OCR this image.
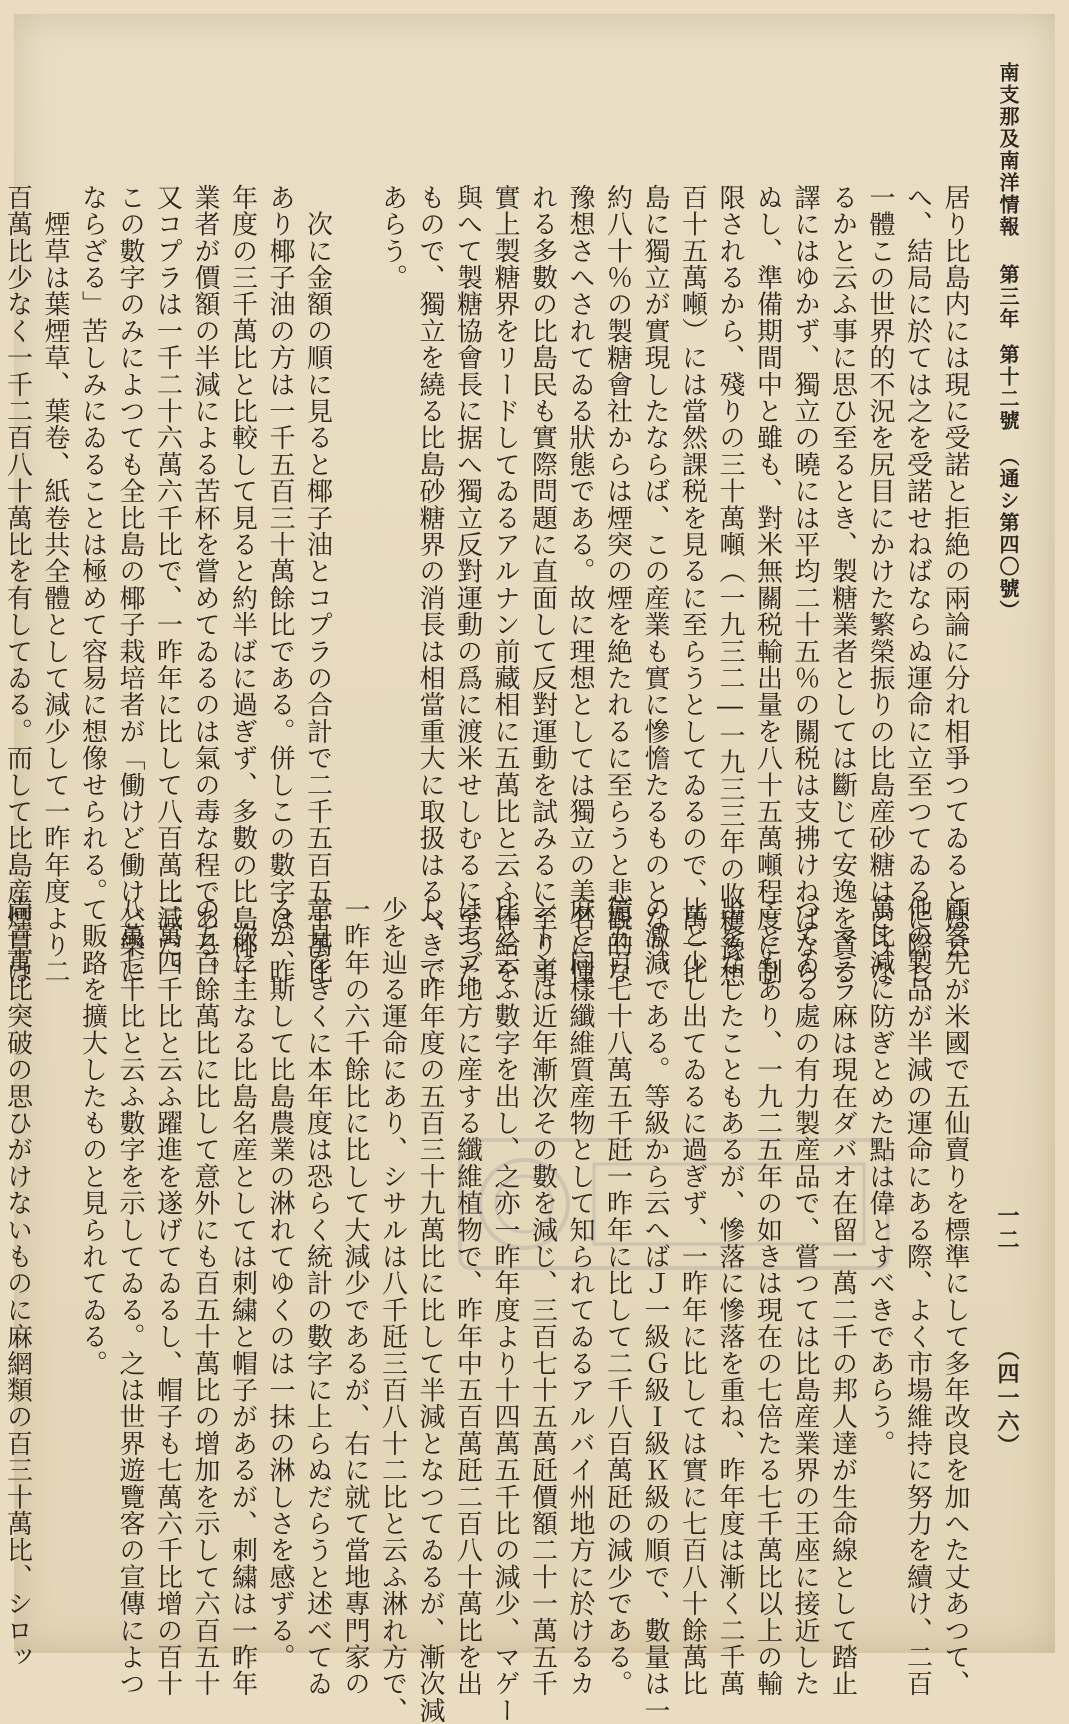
南支那及南洋情報
第三年
第十二號
（通シ第四〇號）

居り比島内には現に受諾と拒絶の兩論に分れ相爭つてゐるとは云

へ、結局に於ては之を受諾せねばならぬ運命に立至つてゐるに際し、

一體この世界的不況を尻目にかけた繁榮振りの比島産砂糖はどうな

るかと云ふ事に思ひ至るとき、製糖業者としては斷じて安逸を貪る

譯にはゆかず、獨立の曉には平均二十五％の關税は支拂けねばなら

ぬし、準備期間中と雖も、對米無關税輸出量を八十五萬噸程度に制

限されるから、殘りの三十萬噸（一九三二―一九三三年の收穫豫想

百十五萬噸）には當然課税を見るに至らうとしてゐるので、萬一比

島に獨立が實現したならば、この産業も實に慘憺たるものとなり、

約八十％の製糖會社からは煙突の煙を絶たれるに至らうと悲觀的な

豫想さへされてゐる狀態である。故に理想としては獨立の美名に憧

れる多數の比島民も實際問題に直面して反對運動を試みるに至り事

實上製糖界をリードしてゐるアルナン前藏相に五萬比と云ふ俸給を

與へて製糖協會長に据へ獨立反對運動の爲に渡米せしむるに至つた

もので、獨立を繞る比島砂糖界の消長は相當重大に取扱はるべきで

あらう。

　次に金額の順に見ると椰子油とコプラの合計で二千五百五十萬比

あり椰子油の方は一千五百三十萬餘比である。併しこの數字は一昨

年度の三千萬比と比較して見ると約半ばに過ぎず、多數の比島椰子

業者が價額の半減による苦杯を嘗めてゐるのは氣の毒な程である。

又コプラは一千二十六萬六千比で、一昨年に比して八百萬比減だ。

この數字のみによつても全比島の椰子栽培者が「働けど働けど樂に

ならざる」苦しみにゐることは極めて容易に想像せられる。

　煙草は葉煙草、葉卷、紙卷共全體として減少して一昨年度より二

百萬比少なく一千二百八十萬比を有してゐる。而して比島産煙草は

顧客先が米國で五仙賣りを標準にして多年改良を加へた丈あつて、

他の製品が半減の運命にある際、よく市場維持に努力を續け、二百

萬比減に防ぎとめた點は偉とすべきであらう。

　マニラ麻は現在ダバオ在留一萬二千の邦人達が生命線として踏止

つてゐる處の有力製産品で、嘗つては比島産業界の王座に接近した

こともあり、一九二五年の如きは現在の七倍たる七千萬比以上の輸

出をなしたこともあるが、慘落に慘落を重ね、昨年度は漸く二千萬

比と少し出てゐるに過ぎず、一昨年に比しては實に七百八十餘萬比

の激減である。等級から云へばＪ一級Ｇ級Ｉ級Ｋ級の順で、數量は一

億五百七十八萬五千瓩一昨年に比して二千八百萬瓩の減少である。

麻と同樣纖維質産物として知られてゐるアルバイ州地方に於けるカ

ントンは近年漸次その數を減じ、三百七十五萬瓩價額二十一萬五千

比と云ふ數字を出し、之亦一昨年度より十四萬五千比の減少、マゲー

はセブ地方に産する纖維植物で、昨年中五百萬瓩二百八十萬比を出

し、一昨年度の五百三十九萬比に比して半減となつてゐるが、漸次減

少を辿る運命にあり、シサルは八千瓩三百八十二比と云ふ淋れ方で、

一昨年の六千餘比に比して大減少であるが、右に就て當地專門家の

意見をきくに本年度は恐らく統計の數字に上らぬだらうと述べてゐ

るが、斯して比島農業の淋れてゆくのは一抹の淋しさを感ずる。

　次に主なる比島名産としては刺繍と帽子があるが、刺繍は一昨年

の五百餘萬比に比して意外にも百五十萬比の增加を示して六百五十

三萬四千比と云ふ躍進を遂げてゐるし、帽子も七萬六千比增の百十

八萬七千比と云ふ數字を示してゐる。之は世界遊覽客の宣傳によつ

て販路を擴大したものと見られてゐる。

尚百萬比突破の思ひがけないものに麻網類の百三十萬比、シロッ	一二  （四一六）
